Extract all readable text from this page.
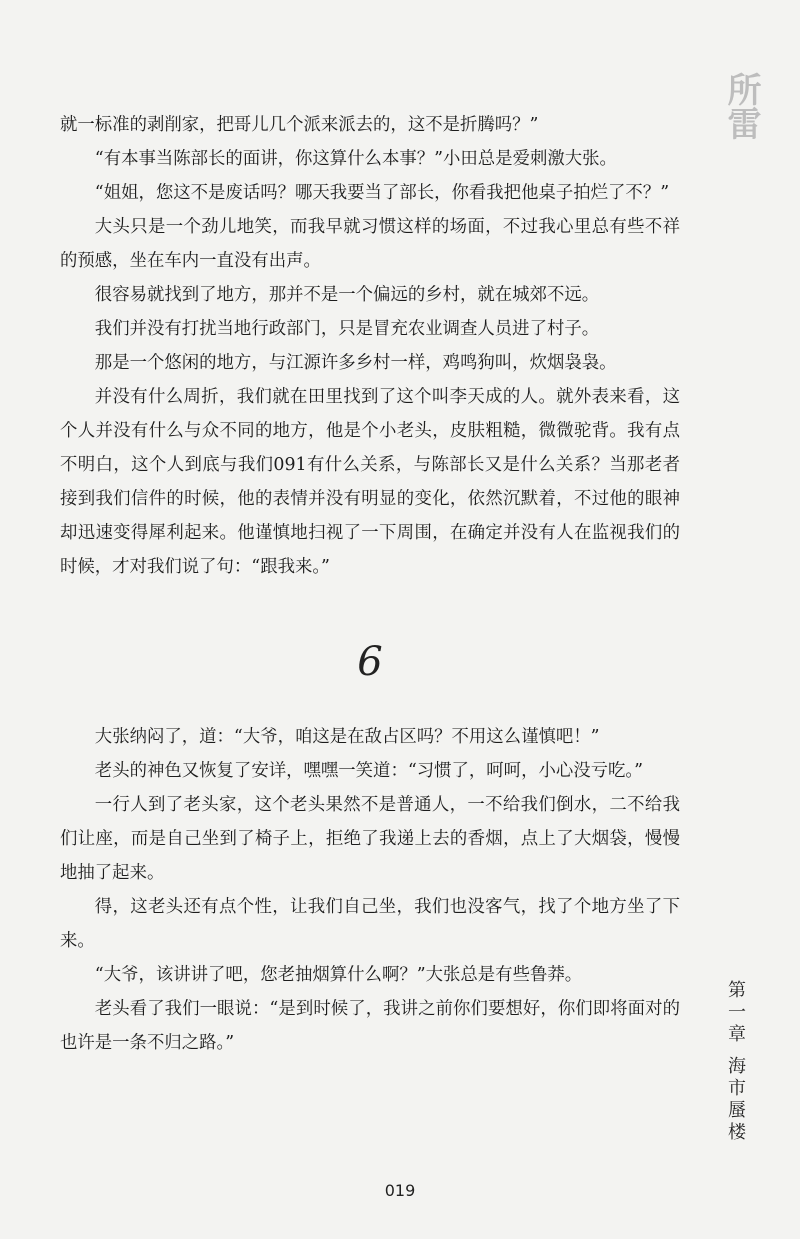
所雷

就一标准的剥削家，把哥儿几个派来派去的，这不是折腾吗？”

“有本事当陈部长的面讲，你这算什么本事？”小田总是爱刺激大张。

“姐姐，您这不是废话吗？哪天我要当了部长，你看我把他桌子拍烂了不？”

大头只是一个劲儿地笑，而我早就习惯这样的场面，不过我心里总有些不祥的预感，坐在车内一直没有出声。

很容易就找到了地方，那并不是一个偏远的乡村，就在城郊不远。

我们并没有打扰当地行政部门，只是冒充农业调查人员进了村子。

那是一个悠闲的地方，与江源许多乡村一样，鸡鸣狗叫，炊烟袅袅。

并没有什么周折，我们就在田里找到了这个叫李天成的人。就外表来看，这个人并没有什么与众不同的地方，他是个小老头，皮肤粗糙，微微驼背。我有点不明白，这个人到底与我们091有什么关系，与陈部长又是什么关系？当那老者接到我们信件的时候，他的表情并没有明显的变化，依然沉默着，不过他的眼神却迅速变得犀利起来。他谨慎地扫视了一下周围，在确定并没有人在监视我们的时候，才对我们说了句：“跟我来。”

6

大张纳闷了，道：“大爷，咱这是在敌占区吗？不用这么谨慎吧！”

老头的神色又恢复了安详，嘿嘿一笑道：“习惯了，呵呵，小心没亏吃。”

一行人到了老头家，这个老头果然不是普通人，一不给我们倒水，二不给我们让座，而是自己坐到了椅子上，拒绝了我递上去的香烟，点上了大烟袋，慢慢地抽了起来。

得，这老头还有点个性，让我们自己坐，我们也没客气，找了个地方坐了下来。

“大爷，该讲讲了吧，您老抽烟算什么啊？”大张总是有些鲁莽。

老头看了我们一眼说：“是到时候了，我讲之前你们要想好，你们即将面对的也许是一条不归之路。”	第一章海市蜃楼
019
